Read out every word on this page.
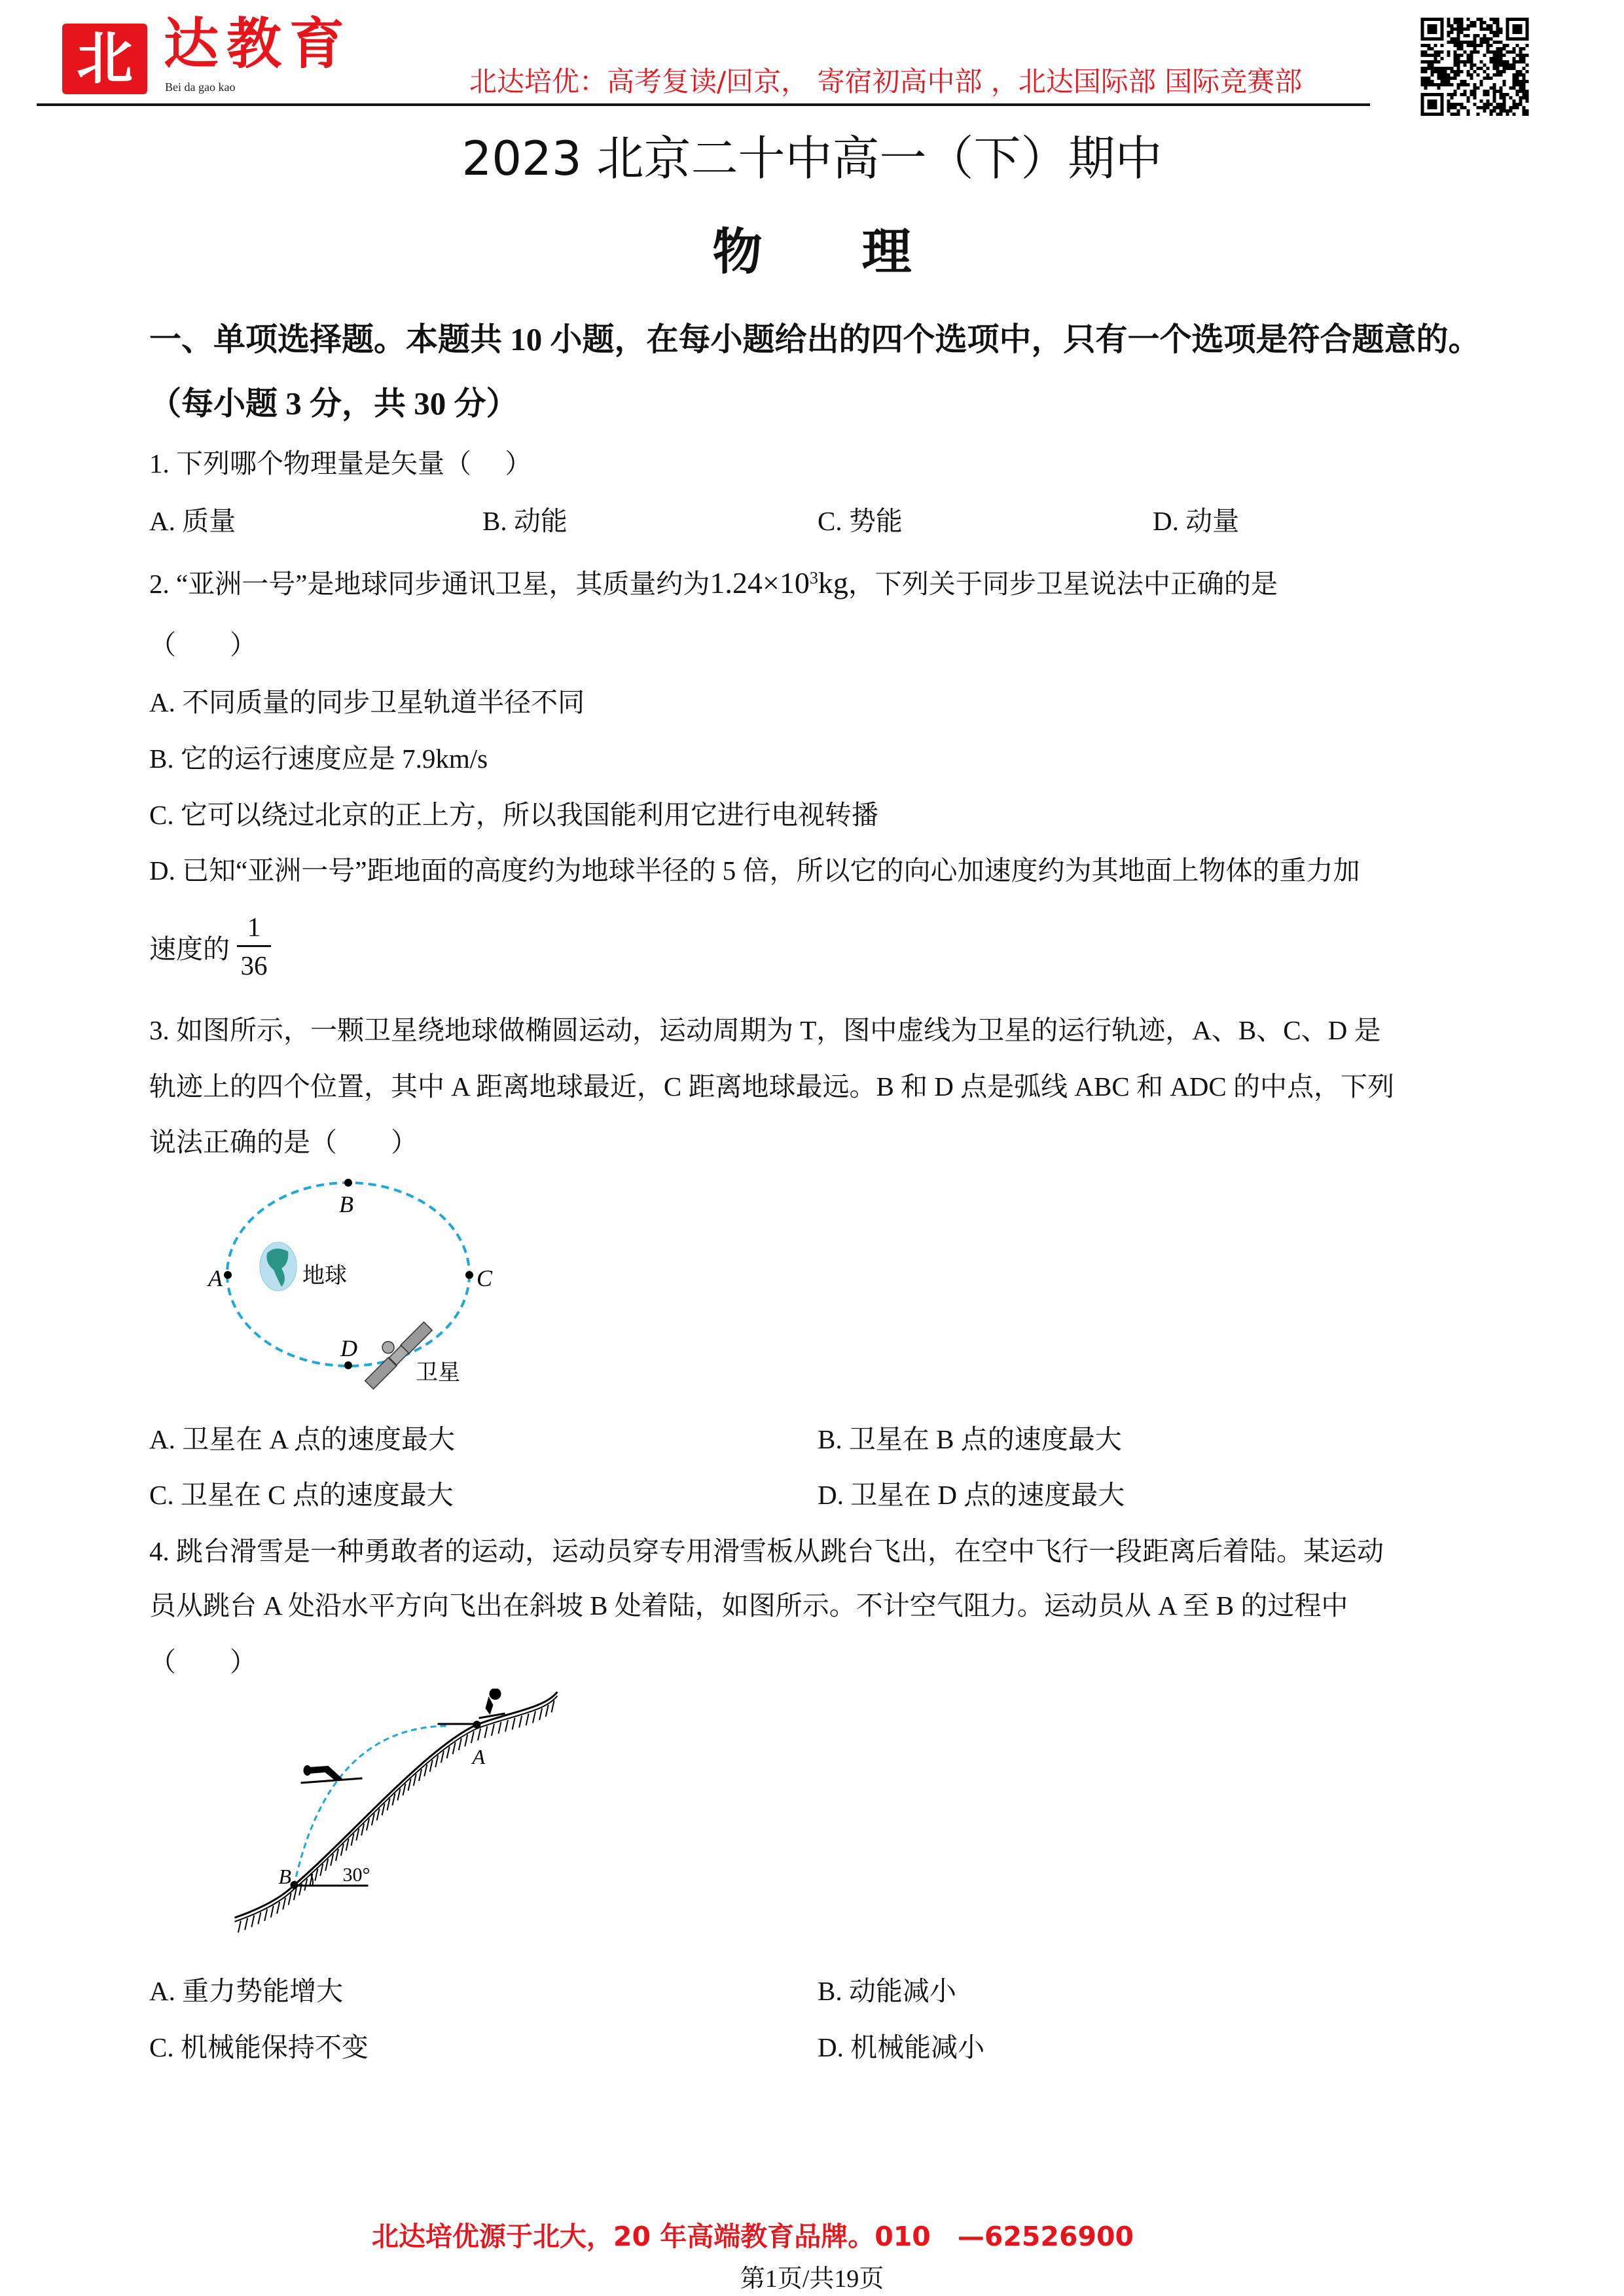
北 达教育
Bei da gao kao	北达培优：高考复读/回京， 寄宿初高中部 ，北达国际部 国际竞赛部
2023 北京二十中高一（下）期中
物　　理
一、单项选择题。本题共 10 小题，在每小题给出的四个选项中，只有一个选项是符合题意的。
（每小题 3 分，共 30 分）
1. 下列哪个物理量是矢量（　 ）
A. 质量	B. 动能	C. 势能	D. 动量
2. “亚洲一号”是地球同步通讯卫星，其质量约为$1.24\times 10^3kg$，下列关于同步卫星说法中正确的是
（　　）
A. 不同质量的同步卫星轨道半径不同
B. 它的运行速度应是 7.9km/s
C. 它可以绕过北京的正上方，所以我国能利用它进行电视转播
D. 已知“亚洲一号”距地面的高度约为地球半径的 5 倍，所以它的向心加速度约为其地面上物体的重力加
速度的
1
36
3. 如图所示，一颗卫星绕地球做椭圆运动，运动周期为 T，图中虚线为卫星的运行轨迹，A、B、C、D 是
轨迹上的四个位置，其中 A 距离地球最近，C 距离地球最远。B 和 D 点是弧线 ABC 和 ADC 的中点，下列
说法正确的是（　　）
A
B
C
D
地球
卫星
A. 卫星在 A 点的速度最大	B. 卫星在 B 点的速度最大
C. 卫星在 C 点的速度最大	D. 卫星在 D 点的速度最大
4. 跳台滑雪是一种勇敢者的运动，运动员穿专用滑雪板从跳台飞出，在空中飞行一段距离后着陆。某运动
员从跳台 A 处沿水平方向飞出在斜坡 B 处着陆，如图所示。不计空气阻力。运动员从 A 至 B 的过程中
（　　）
A
B	30°
A. 重力势能增大	B. 动能减小
C. 机械能保持不变	D. 机械能减小
北达培优源于北大，20 年高端教育品牌。010　—62526900
第1页/共19页
